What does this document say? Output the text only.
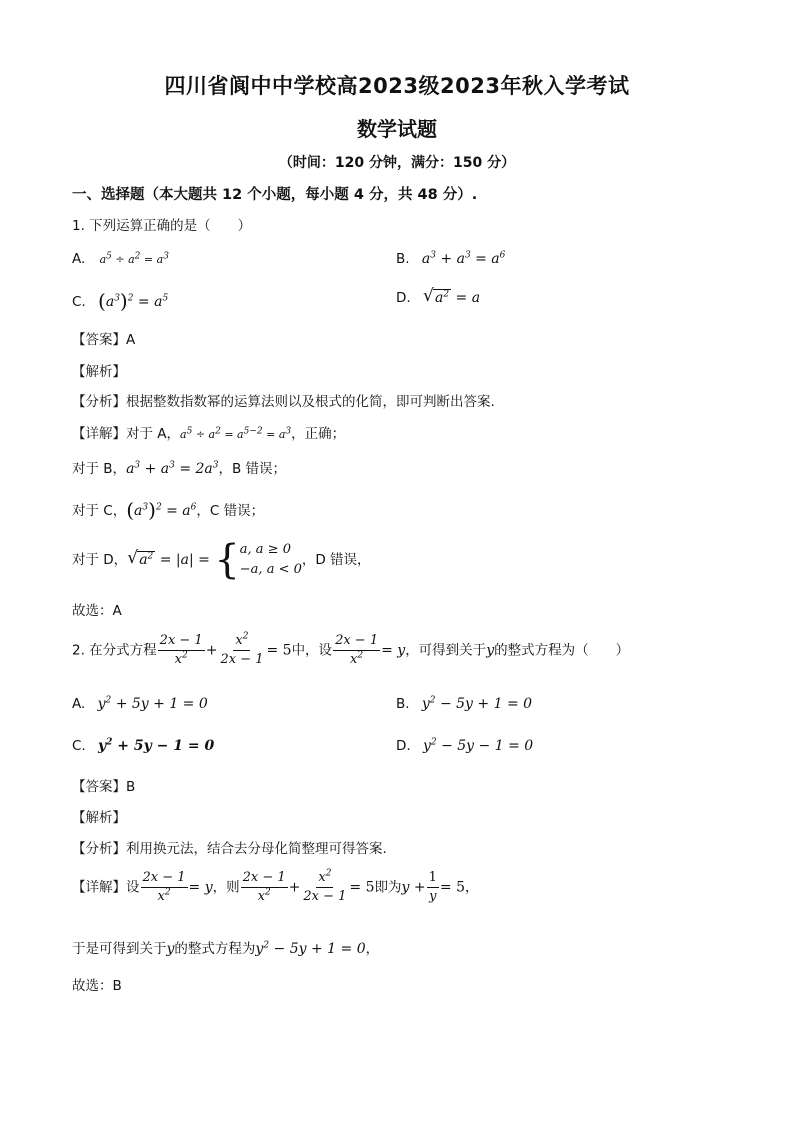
四川省阆中中学校高2023级2023年秋入学考试
数学试题
（时间：120 分钟，满分：150 分）
一、选择题（本大题共 12 个小题，每小题 4 分，共 48 分）.
1. 下列运算正确的是（　　）
A. $a^5 \div a^2 = a^3$	B. $a^3 + a^3 = a^6$
C. $(a^3)^2 = a^5$	D. √ $a^2 = a$
【答案】A
【解析】
【分析】根据整数指数幂的运算法则以及根式的化简，即可判断出答案.
【详解】对于 A，$a^5 \div a^2 = a^{5-2} = a^3$，正确；
对于 B，$a^3 + a^3 = 2a^3$，B 错误；
对于 C，$(a^3)^2 = a^6$，C 错误；
对于 D， √ $a^2 = |a|$ = { a, a ≥ 0
−a, a < 0
，D 错误，
故选：A
2. 在分式方程 $\frac{2x - 1}{x^2} + \frac{x^2}{2x - 1} = 5$中，设 $\frac{2x - 1}{x^2} = y$，可得到关于y的整式方程为（　　）
A. $y^2 + 5y + 1 = 0$	B. $y^2 - 5y + 1 = 0$
C. $y^2 + 5y - 1 = 0$	D. $y^2 - 5y - 1 = 0$
【答案】B
【解析】
【分析】利用换元法，结合去分母化简整理可得答案.
【详解】设 $\frac{2x - 1}{x^2} = y$，则 $\frac{2x - 1}{x^2} + \frac{x^2}{2x - 1} = 5$即为$y + \frac{1}{y} = 5$，
于是可得到关于y的整式方程为$y^2 - 5y + 1 = 0$，
故选：B
